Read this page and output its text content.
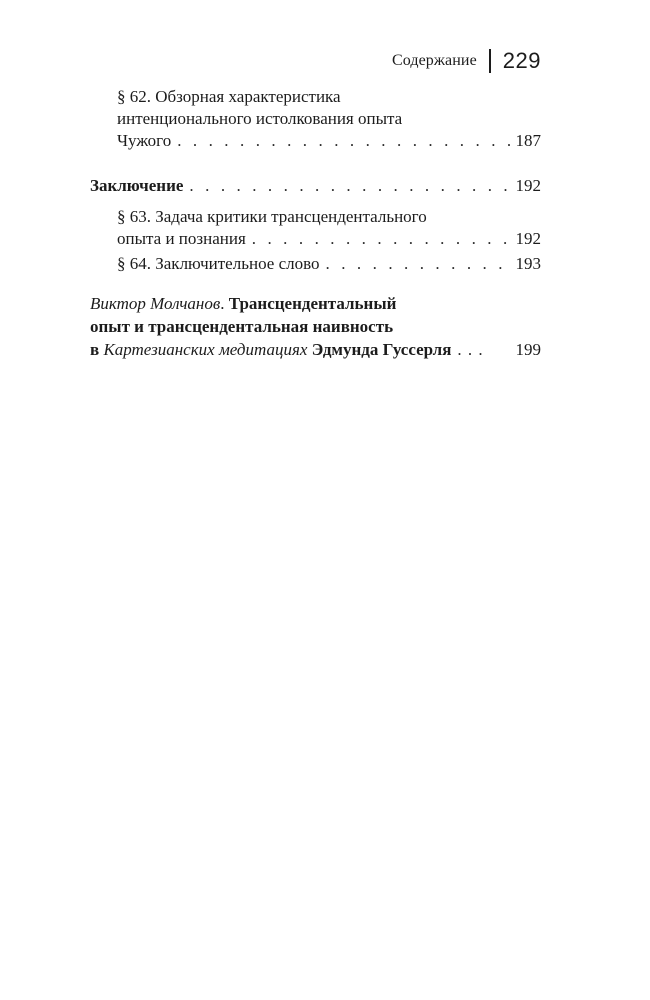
Содержание 229
§ 62. Обзорная характеристика
интенционального истолкования опыта
Чужого . . .	187
Заключение . . .	192
§ 63. Задача критики трансцендентального
опыта и познания . . .	192
§ 64. Заключительное слово . . .	193
Виктор Молчанов. Трансцендентальный
опыт и трансцендентальная наивность
в Картезианских медитациях Эдмунда Гуссерля . . .	199
